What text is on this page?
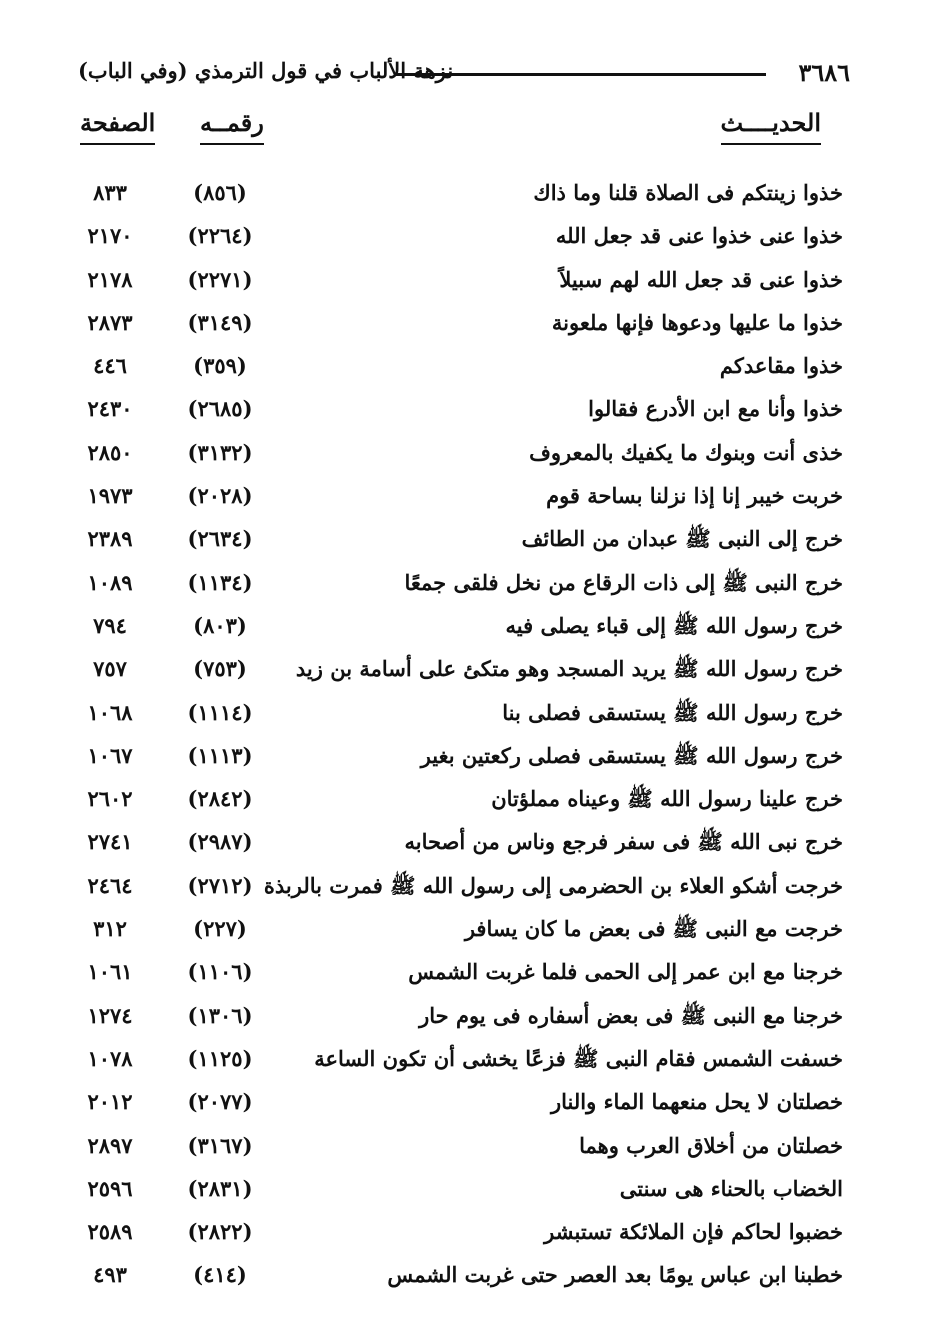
٣٦٨٦
نزهة الألباب في قول الترمذي (وفي الباب)
الحديــــث
رقمــه
الصفحة
خذوا زينتكم فى الصلاة قلنا وما ذاك
(٨٥٦)
٨٣٣
خذوا عنى خذوا عنى قد جعل الله
(٢٢٦٤)
٢١٧٠
خذوا عنى قد جعل الله لهم سبيلاً
(٢٢٧١)
٢١٧٨
خذوا ما عليها ودعوها فإنها ملعونة
(٣١٤٩)
٢٨٧٣
خذوا مقاعدكم
(٣٥٩)
٤٤٦
خذوا وأنا مع ابن الأدرع فقالوا
(٢٦٨٥)
٢٤٣٠
خذى أنت وبنوك ما يكفيك بالمعروف
(٣١٣٢)
٢٨٥٠
خربت خيبر إنا إذا نزلنا بساحة قوم
(٢٠٢٨)
١٩٧٣
خرج إلى النبى ﷺ عبدان من الطائف
(٢٦٣٤)
٢٣٨٩
خرج النبى ﷺ إلى ذات الرقاع من نخل فلقى جمعًا
(١١٣٤)
١٠٨٩
خرج رسول الله ﷺ إلى قباء يصلى فيه
(٨٠٣)
٧٩٤
خرج رسول الله ﷺ يريد المسجد وهو متكئ على أسامة بن زيد
(٧٥٣)
٧٥٧
خرج رسول الله ﷺ يستسقى فصلى بنا
(١١١٤)
١٠٦٨
خرج رسول الله ﷺ يستسقى فصلى ركعتين بغير
(١١١٣)
١٠٦٧
خرج علينا رسول الله ﷺ وعيناه مملؤتان
(٢٨٤٢)
٢٦٠٢
خرج نبى الله ﷺ فى سفر فرجع وناس من أصحابه
(٢٩٨٧)
٢٧٤١
خرجت أشكو العلاء بن الحضرمى إلى رسول الله ﷺ فمرت بالربذة
(٢٧١٢)
٢٤٦٤
خرجت مع النبى ﷺ فى بعض ما كان يسافر
(٢٢٧)
٣١٢
خرجنا مع ابن عمر إلى الحمى فلما غربت الشمس
(١١٠٦)
١٠٦١
خرجنا مع النبى ﷺ فى بعض أسفاره فى يوم حار
(١٣٠٦)
١٢٧٤
خسفت الشمس فقام النبى ﷺ فزعًا يخشى أن تكون الساعة
(١١٢٥)
١٠٧٨
خصلتان لا يحل منعهما الماء والنار
(٢٠٧٧)
٢٠١٢
خصلتان من أخلاق العرب وهما
(٣١٦٧)
٢٨٩٧
الخضاب بالحناء هى سنتى
(٢٨٣١)
٢٥٩٦
خضبوا لحاكم فإن الملائكة تستبشر
(٢٨٢٢)
٢٥٨٩
خطبنا ابن عباس يومًا بعد العصر حتى غربت الشمس
(٤١٤)
٤٩٣
